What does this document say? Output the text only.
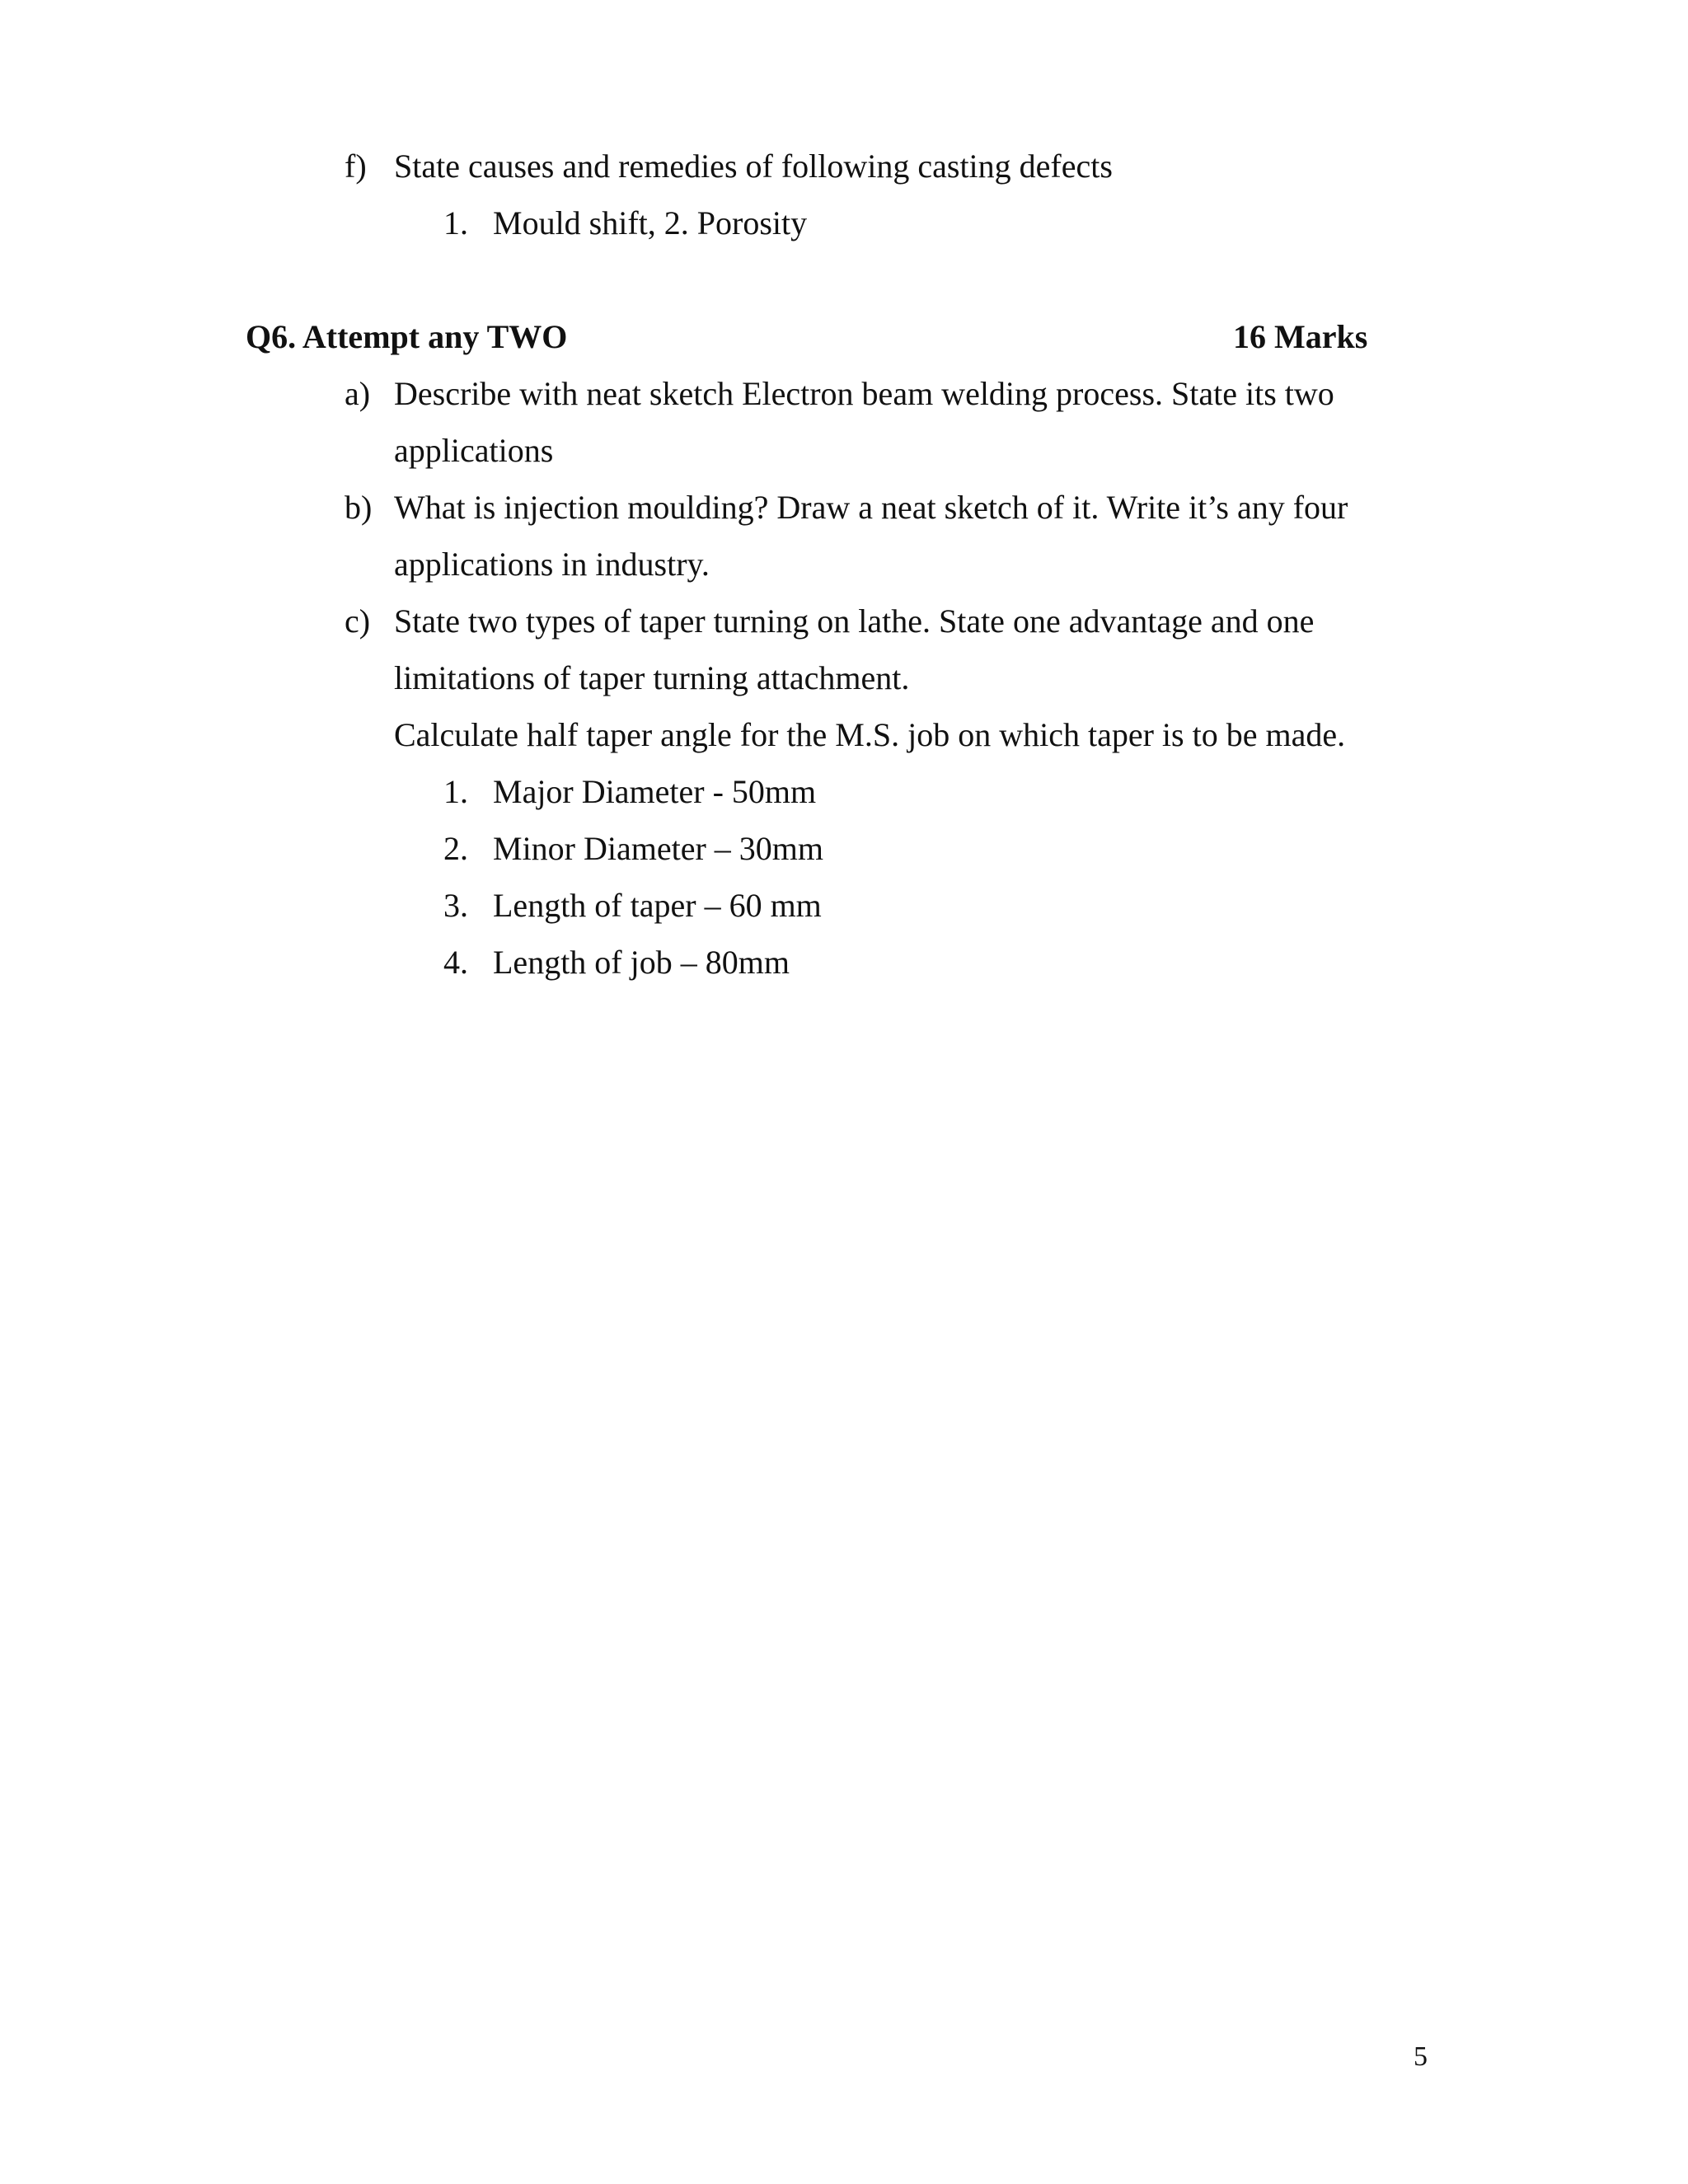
f) State causes and remedies of following casting defects
1. Mould shift, 2. Porosity
Q6. Attempt any TWO	16 Marks
a) Describe with neat sketch Electron beam welding process. State its two
applications
b) What is injection moulding? Draw a neat sketch of it. Write it’s any four
applications in industry.
c) State two types of taper turning on lathe. State one advantage and one
limitations of taper turning attachment.
Calculate half taper angle for the M.S. job on which taper is to be made.
1. Major Diameter - 50mm
2. Minor Diameter – 30mm
3. Length of taper – 60 mm
4. Length of job – 80mm
5
